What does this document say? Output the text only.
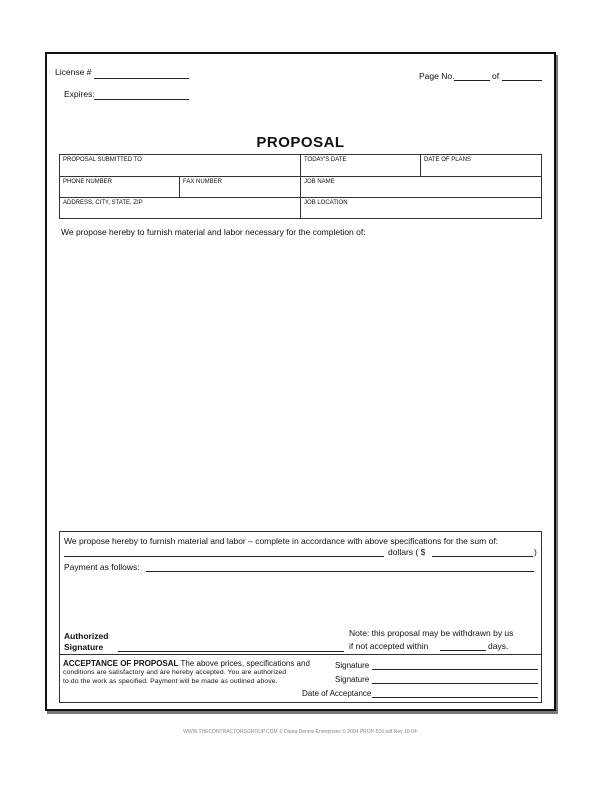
License #
Expires:
Page No.	of
PROPOSAL
PROPOSAL SUBMITTED TO	TODAY'S DATE	DATE OF PLANS
PHONE NUMBER	FAX NUMBER	JOB NAME
ADDRESS, CITY, STATE, ZIP	JOB LOCATION
We propose hereby to furnish material and labor necessary for the completion of:
We propose hereby to furnish material and labor – complete in accordance with above specifications for the sum of:
dollars ( $	)
Payment as follows:
Authorized
Signature
Note: this proposal may be withdrawn by us
if not accepted within	days.
ACCEPTANCE OF PROPOSAL The above prices, specifications and
conditions are satisfactory and are hereby accepted. You are authorized
to do the work as specified. Payment will be made as outlined above.
Signature
Signature
Date of Acceptance
WWW.THECONTRACTORSGROUP.COM © Diana Dennis Enterprises © 2004 PROP-516 pdf Rev 10-04
